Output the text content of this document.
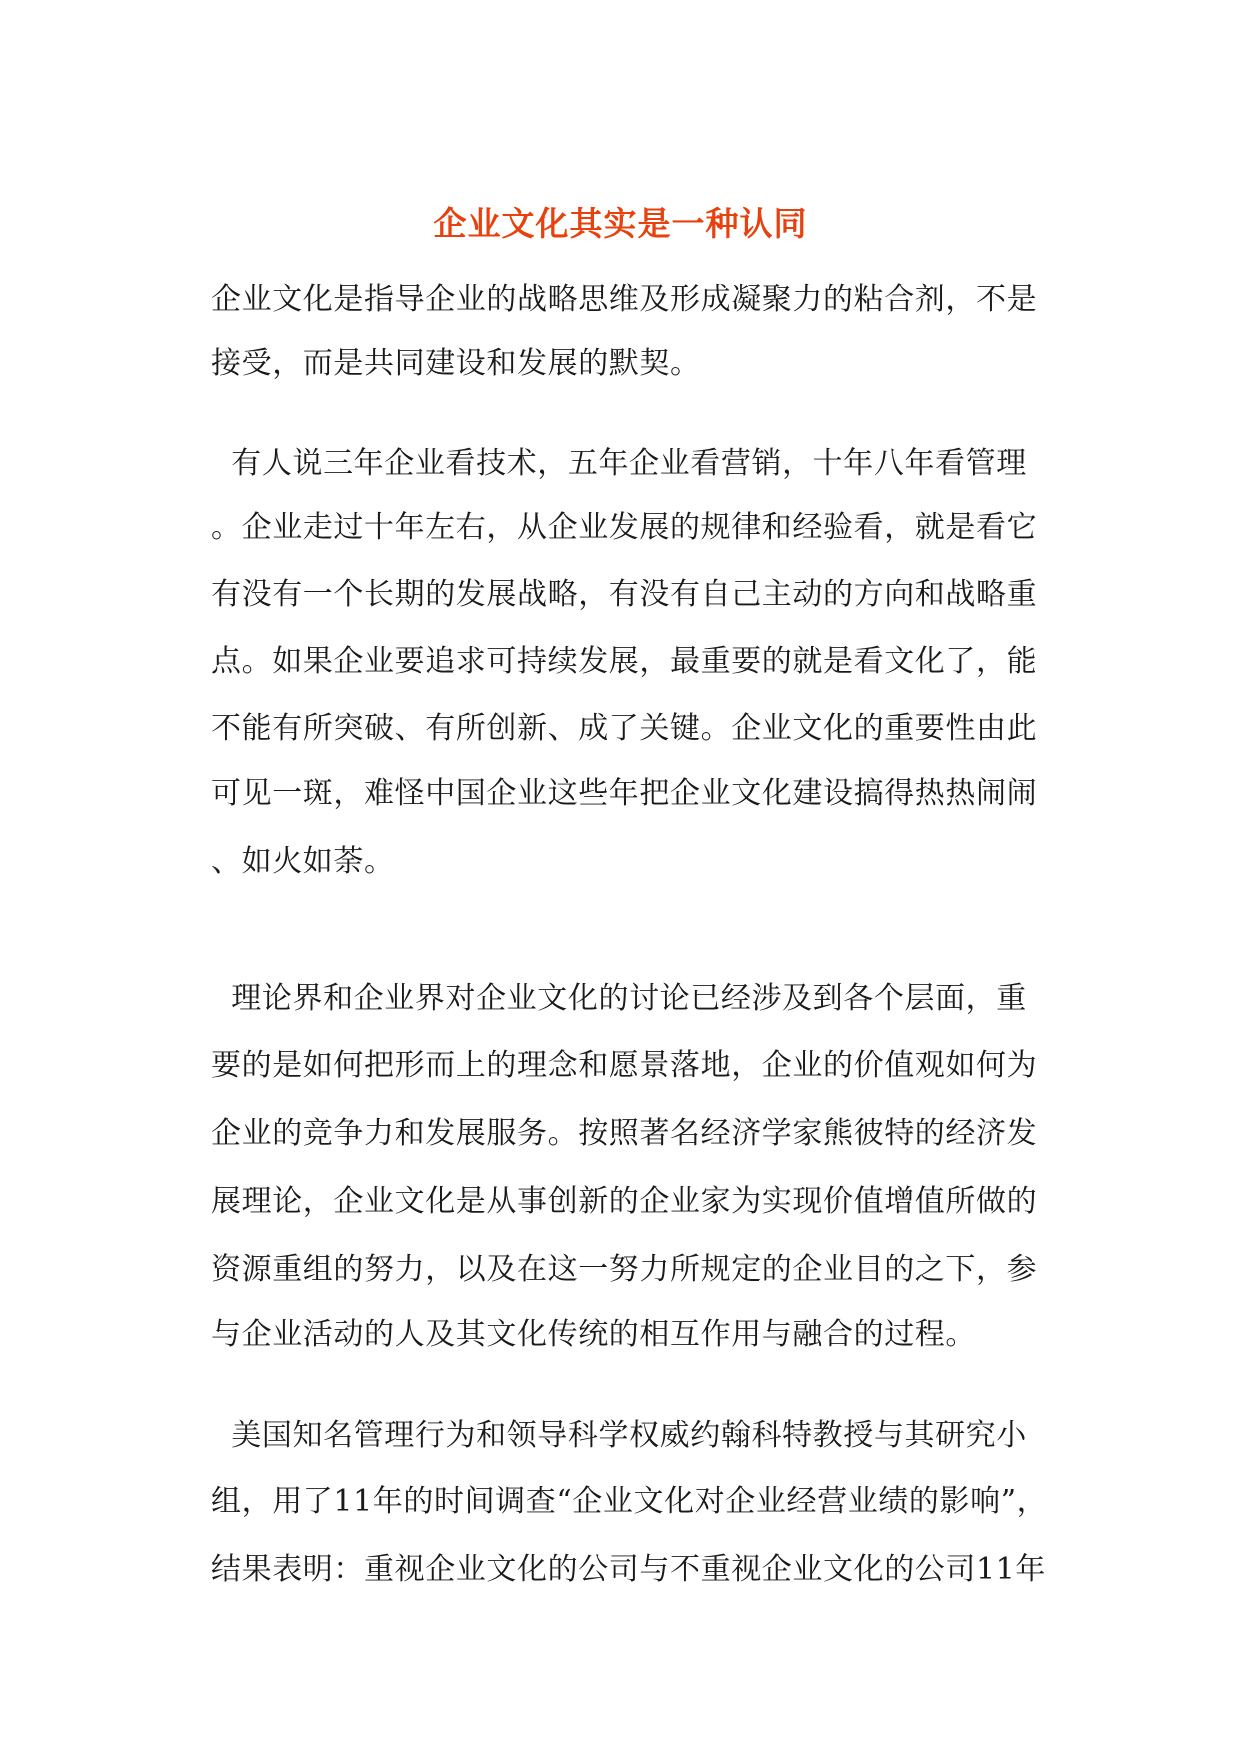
企业文化其实是一种认同
企业文化是指导企业的战略思维及形成凝聚力的粘合剂，不是
接受，而是共同建设和发展的默契。
有人说三年企业看技术，五年企业看营销，十年八年看管理
。企业走过十年左右，从企业发展的规律和经验看，就是看它
有没有一个长期的发展战略，有没有自己主动的方向和战略重
点。如果企业要追求可持续发展，最重要的就是看文化了，能
不能有所突破、有所创新、成了关键。企业文化的重要性由此
可见一斑，难怪中国企业这些年把企业文化建设搞得热热闹闹
、如火如荼。
理论界和企业界对企业文化的讨论已经涉及到各个层面，重
要的是如何把形而上的理念和愿景落地，企业的价值观如何为
企业的竞争力和发展服务。按照著名经济学家熊彼特的经济发
展理论，企业文化是从事创新的企业家为实现价值增值所做的
资源重组的努力，以及在这一努力所规定的企业目的之下，参
与企业活动的人及其文化传统的相互作用与融合的过程。
美国知名管理行为和领导科学权威约翰科特教授与其研究小
组，用了11年的时间调查“企业文化对企业经营业绩的影响”，
结果表明：重视企业文化的公司与不重视企业文化的公司11年
